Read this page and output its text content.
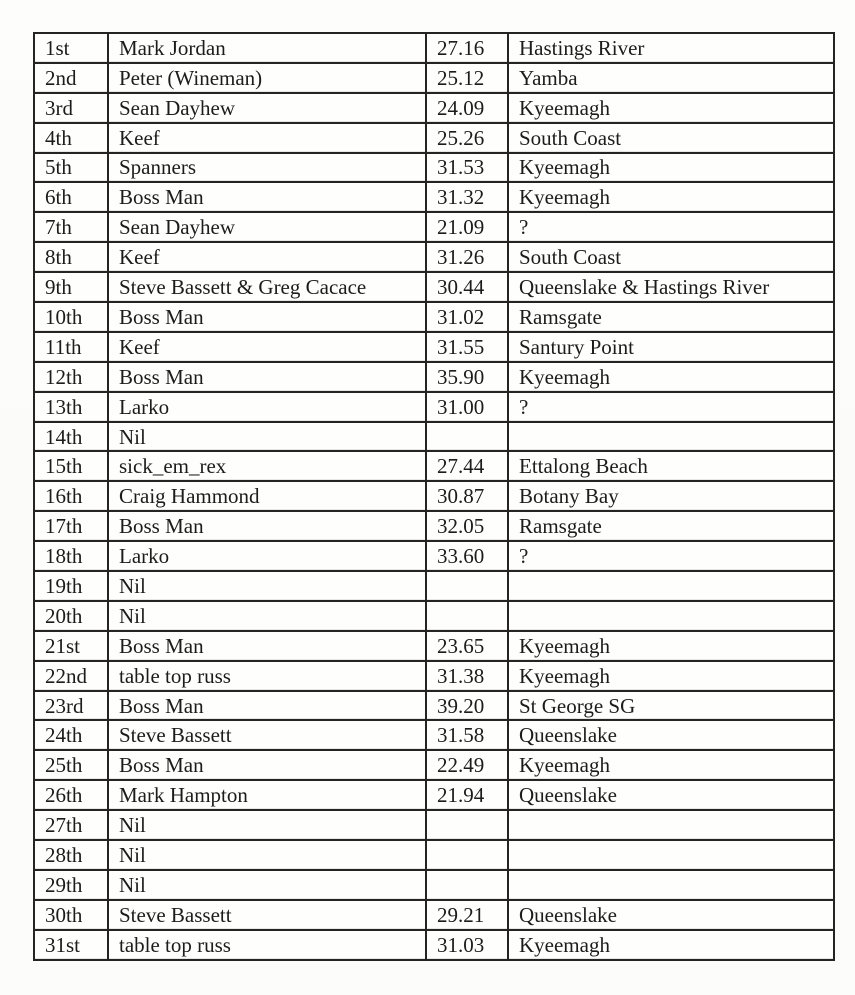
1st	Mark Jordan	27.16	Hastings River
2nd	Peter (Wineman)	25.12	Yamba
3rd	Sean Dayhew	24.09	Kyeemagh
4th	Keef	25.26	South Coast
5th	Spanners	31.53	Kyeemagh
6th	Boss Man	31.32	Kyeemagh
7th	Sean Dayhew	21.09	?
8th	Keef	31.26	South Coast
9th	Steve Bassett & Greg Cacace	30.44	Queenslake & Hastings River
10th	Boss Man	31.02	Ramsgate
11th	Keef	31.55	Santury Point
12th	Boss Man	35.90	Kyeemagh
13th	Larko	31.00	?
14th	Nil		
15th	sick_em_rex	27.44	Ettalong Beach
16th	Craig Hammond	30.87	Botany Bay
17th	Boss Man	32.05	Ramsgate
18th	Larko	33.60	?
19th	Nil		
20th	Nil		
21st	Boss Man	23.65	Kyeemagh
22nd	table top russ	31.38	Kyeemagh
23rd	Boss Man	39.20	St George SG
24th	Steve Bassett	31.58	Queenslake
25th	Boss Man	22.49	Kyeemagh
26th	Mark Hampton	21.94	Queenslake
27th	Nil		
28th	Nil		
29th	Nil		
30th	Steve Bassett	29.21	Queenslake
31st	table top russ	31.03	Kyeemagh
